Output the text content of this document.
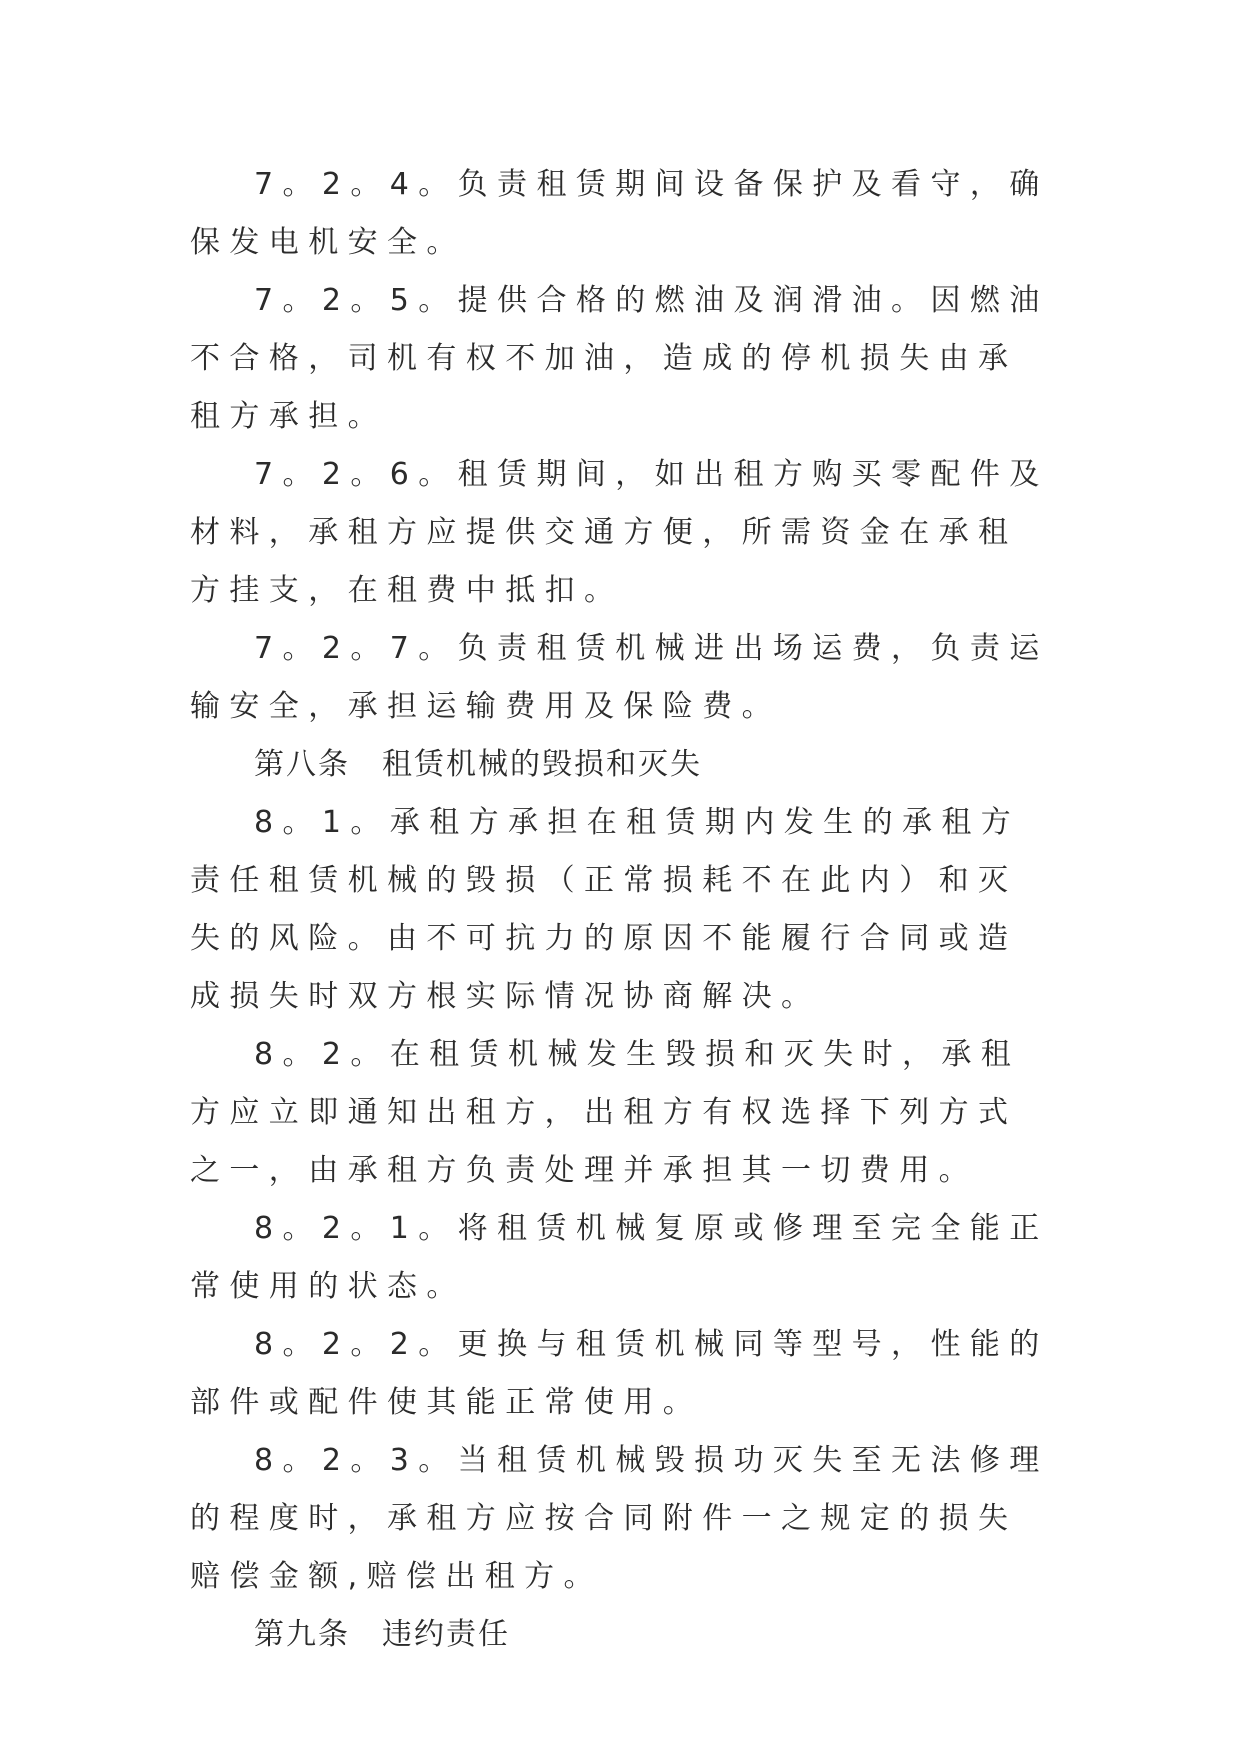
7。2。4。负责租赁期间设备保护及看守，确保发电机安全。

7。2。5。提供合格的燃油及润滑油。因燃油不合格，司机有权不加油，造成的停机损失由承租方承担。

7。2。6。租赁期间，如出租方购买零配件及材料，承租方应提供交通方便，所需资金在承租方挂支，在租费中抵扣。

7。2。7。负责租赁机械进出场运费，负责运输安全，承担运输费用及保险费。

第八条　租赁机械的毁损和灭失

8。1。承租方承担在租赁期内发生的承租方责任租赁机械的毁损（正常损耗不在此内）和灭失的风险。由不可抗力的原因不能履行合同或造成损失时双方根实际情况协商解决。

8。2。在租赁机械发生毁损和灭失时，承租方应立即通知出租方，出租方有权选择下列方式之一，由承租方负责处理并承担其一切费用。

8。2。1。将租赁机械复原或修理至完全能正常使用的状态。

8。2。2。更换与租赁机械同等型号，性能的部件或配件使其能正常使用。

8。2。3。当租赁机械毁损功灭失至无法修理的程度时，承租方应按合同附件一之规定的损失赔偿金额,赔偿出租方。

第九条　违约责任
